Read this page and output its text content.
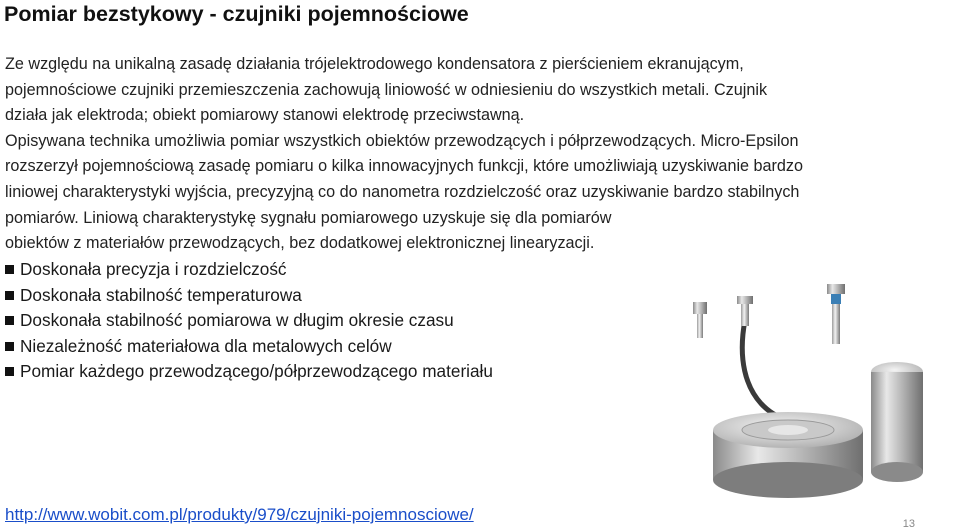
Pomiar bezstykowy - czujniki pojemnościowe
Ze względu na unikalną zasadę działania trójelektrodowego kondensatora z pierścieniem ekranującym,
pojemnościowe czujniki przemieszczenia zachowują liniowość w odniesieniu do wszystkich metali. Czujnik
działa jak elektroda; obiekt pomiarowy stanowi elektrodę przeciwstawną.
Opisywana technika umożliwia pomiar wszystkich obiektów przewodzących i półprzewodzących. Micro-Epsilon
rozszerzył pojemnościową zasadę pomiaru o kilka innowacyjnych funkcji, które umożliwiają uzyskiwanie bardzo
liniowej charakterystyki wyjścia, precyzyjną co do nanometra rozdzielczość oraz uzyskiwanie bardzo stabilnych
pomiarów. Liniową charakterystykę sygnału pomiarowego uzyskuje się dla pomiarów
obiektów z materiałów przewodzących, bez dodatkowej elektronicznej linearyzacji.
Doskonała precyzja i rozdzielczość
Doskonała stabilność temperaturowa
Doskonała stabilność pomiarowa w długim okresie czasu
Niezależność materiałowa dla metalowych celów
Pomiar każdego przewodzącego/półprzewodzącego materiału
http://www.wobit.com.pl/produkty/979/czujniki-pojemnosciowe/	13
